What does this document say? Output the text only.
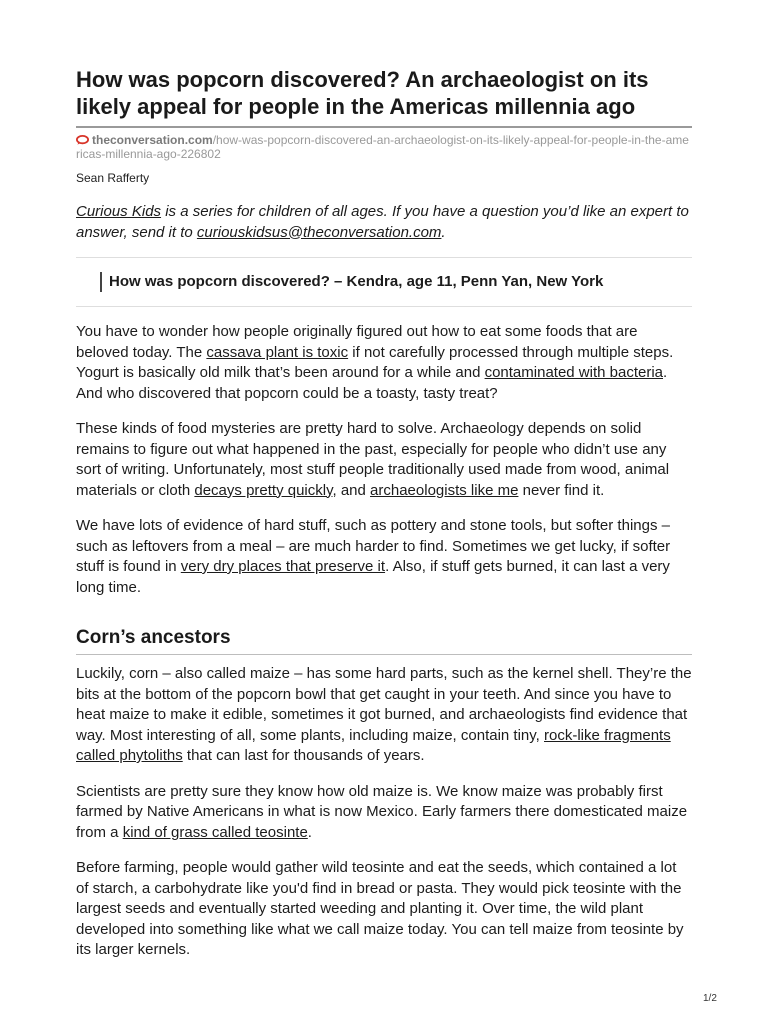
How was popcorn discovered? An archaeologist on its likely appeal for people in the Americas millennia ago
theconversation.com/how-was-popcorn-discovered-an-archaeologist-on-its-likely-appeal-for-people-in-the-americas-millennia-ago-226802
Sean Rafferty
Curious Kids is a series for children of all ages. If you have a question you’d like an expert to answer, send it to curiouskidsus@theconversation.com.
How was popcorn discovered? – Kendra, age 11, Penn Yan, New York

You have to wonder how people originally figured out how to eat some foods that are beloved today. The cassava plant is toxic if not carefully processed through multiple steps. Yogurt is basically old milk that’s been around for a while and contaminated with bacteria. And who discovered that popcorn could be a toasty, tasty treat?

These kinds of food mysteries are pretty hard to solve. Archaeology depends on solid remains to figure out what happened in the past, especially for people who didn’t use any sort of writing. Unfortunately, most stuff people traditionally used made from wood, animal materials or cloth decays pretty quickly, and archaeologists like me never find it.

We have lots of evidence of hard stuff, such as pottery and stone tools, but softer things – such as leftovers from a meal – are much harder to find. Sometimes we get lucky, if softer stuff is found in very dry places that preserve it. Also, if stuff gets burned, it can last a very long time.

Corn’s ancestors

Luckily, corn – also called maize – has some hard parts, such as the kernel shell. They’re the bits at the bottom of the popcorn bowl that get caught in your teeth. And since you have to heat maize to make it edible, sometimes it got burned, and archaeologists find evidence that way. Most interesting of all, some plants, including maize, contain tiny, rock-like fragments called phytoliths that can last for thousands of years.

Scientists are pretty sure they know how old maize is. We know maize was probably first farmed by Native Americans in what is now Mexico. Early farmers there domesticated maize from a kind of grass called teosinte.

Before farming, people would gather wild teosinte and eat the seeds, which contained a lot of starch, a carbohydrate like you'd find in bread or pasta. They would pick teosinte with the largest seeds and eventually started weeding and planting it. Over time, the wild plant developed into something like what we call maize today. You can tell maize from teosinte by its larger kernels.

1/2
